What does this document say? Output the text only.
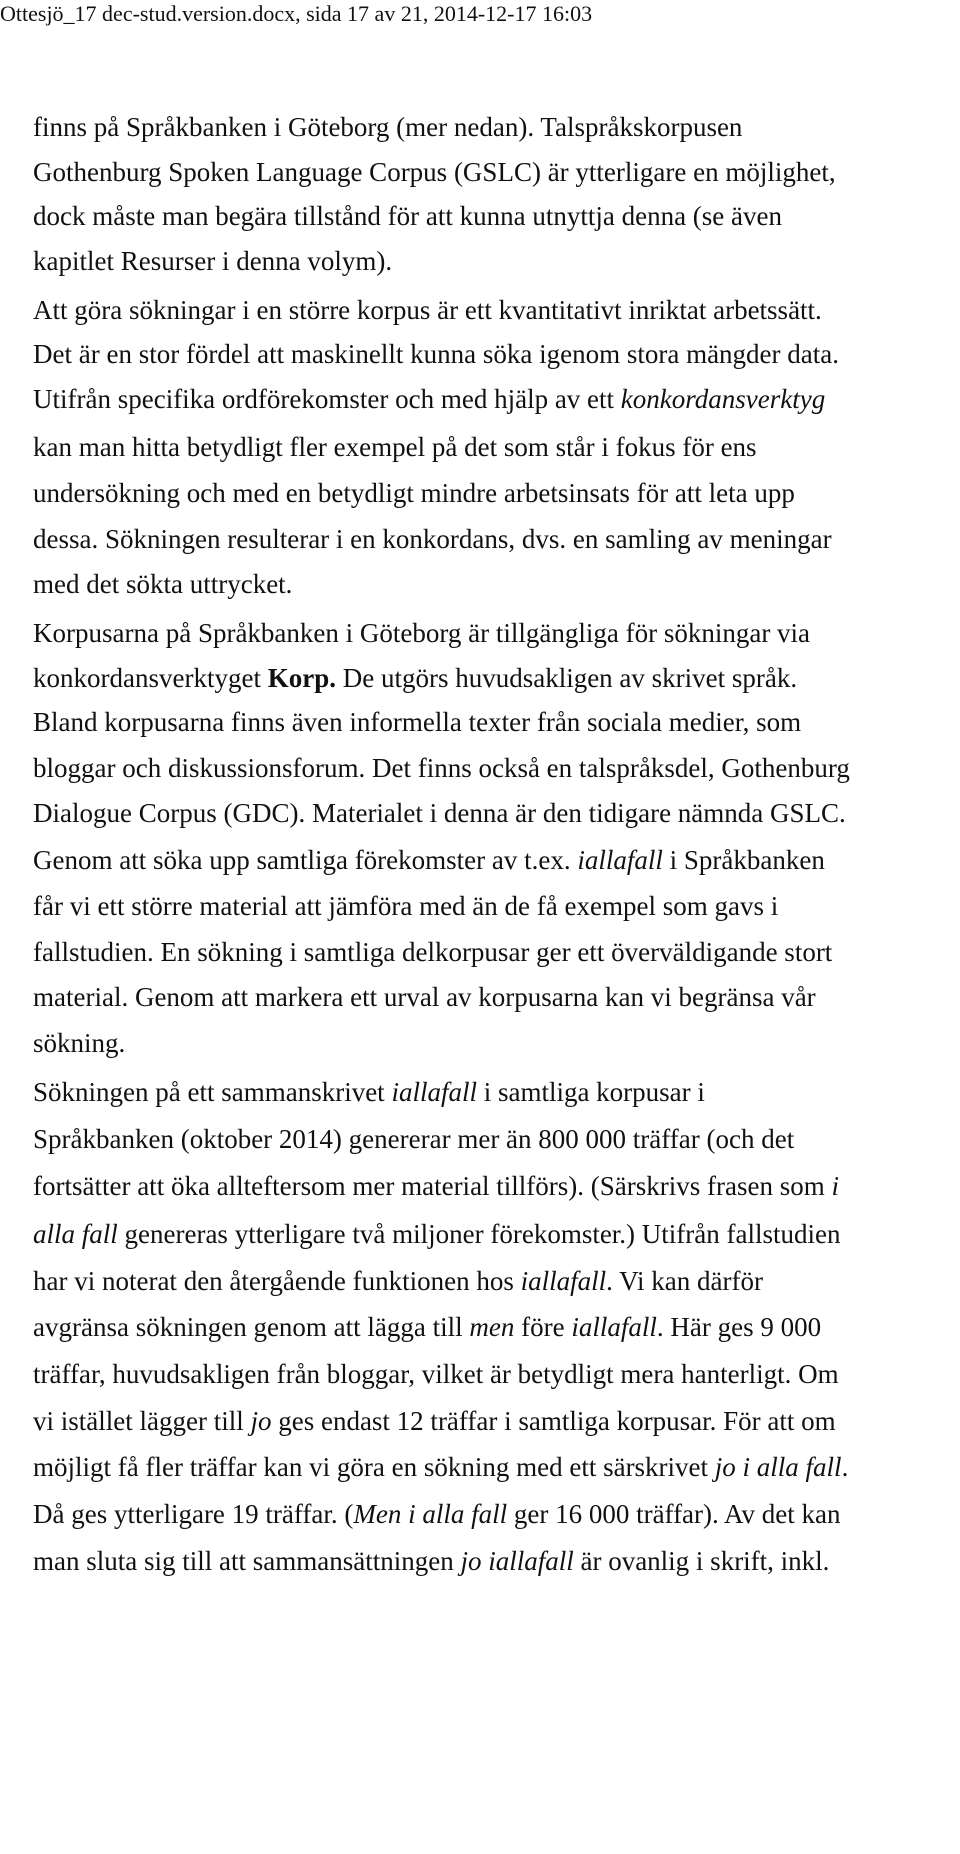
Ottesjö_17 dec-stud.version.docx, sida 17 av 21, 2014-12-17 16:03
finns på Språkbanken i Göteborg (mer nedan). Talspråkskorpusen
Gothenburg Spoken Language Corpus (GSLC) är ytterligare en möjlighet,
dock måste man begära tillstånd för att kunna utnyttja denna (se även
kapitlet Resurser i denna volym).
Att göra sökningar i en större korpus är ett kvantitativt inriktat arbetssätt.
Det är en stor fördel att maskinellt kunna söka igenom stora mängder data.
Utifrån specifika ordförekomster och med hjälp av ett konkordansverktyg
kan man hitta betydligt fler exempel på det som står i fokus för ens
undersökning och med en betydligt mindre arbetsinsats för att leta upp
dessa. Sökningen resulterar i en konkordans, dvs. en samling av meningar
med det sökta uttrycket.
Korpusarna på Språkbanken i Göteborg är tillgängliga för sökningar via
konkordansverktyget Korp. De utgörs huvudsakligen av skrivet språk.
Bland korpusarna finns även informella texter från sociala medier, som
bloggar och diskussionsforum. Det finns också en talspråksdel, Gothenburg
Dialogue Corpus (GDC). Materialet i denna är den tidigare nämnda GSLC.
Genom att söka upp samtliga förekomster av t.ex. iallafall i Språkbanken
får vi ett större material att jämföra med än de få exempel som gavs i
fallstudien. En sökning i samtliga delkorpusar ger ett överväldigande stort
material. Genom att markera ett urval av korpusarna kan vi begränsa vår
sökning.
Sökningen på ett sammanskrivet iallafall i samtliga korpusar i
Språkbanken (oktober 2014) genererar mer än 800 000 träffar (och det
fortsätter att öka allteftersom mer material tillförs). (Särskrivs frasen som i
alla fall genereras ytterligare två miljoner förekomster.) Utifrån fallstudien
har vi noterat den återgående funktionen hos iallafall. Vi kan därför
avgränsa sökningen genom att lägga till men före iallafall. Här ges 9 000
träffar, huvudsakligen från bloggar, vilket är betydligt mera hanterligt. Om
vi istället lägger till jo ges endast 12 träffar i samtliga korpusar. För att om
möjligt få fler träffar kan vi göra en sökning med ett särskrivet jo i alla fall.
Då ges ytterligare 19 träffar. (Men i alla fall ger 16 000 träffar). Av det kan
man sluta sig till att sammansättningen jo iallafall är ovanlig i skrift, inkl.
